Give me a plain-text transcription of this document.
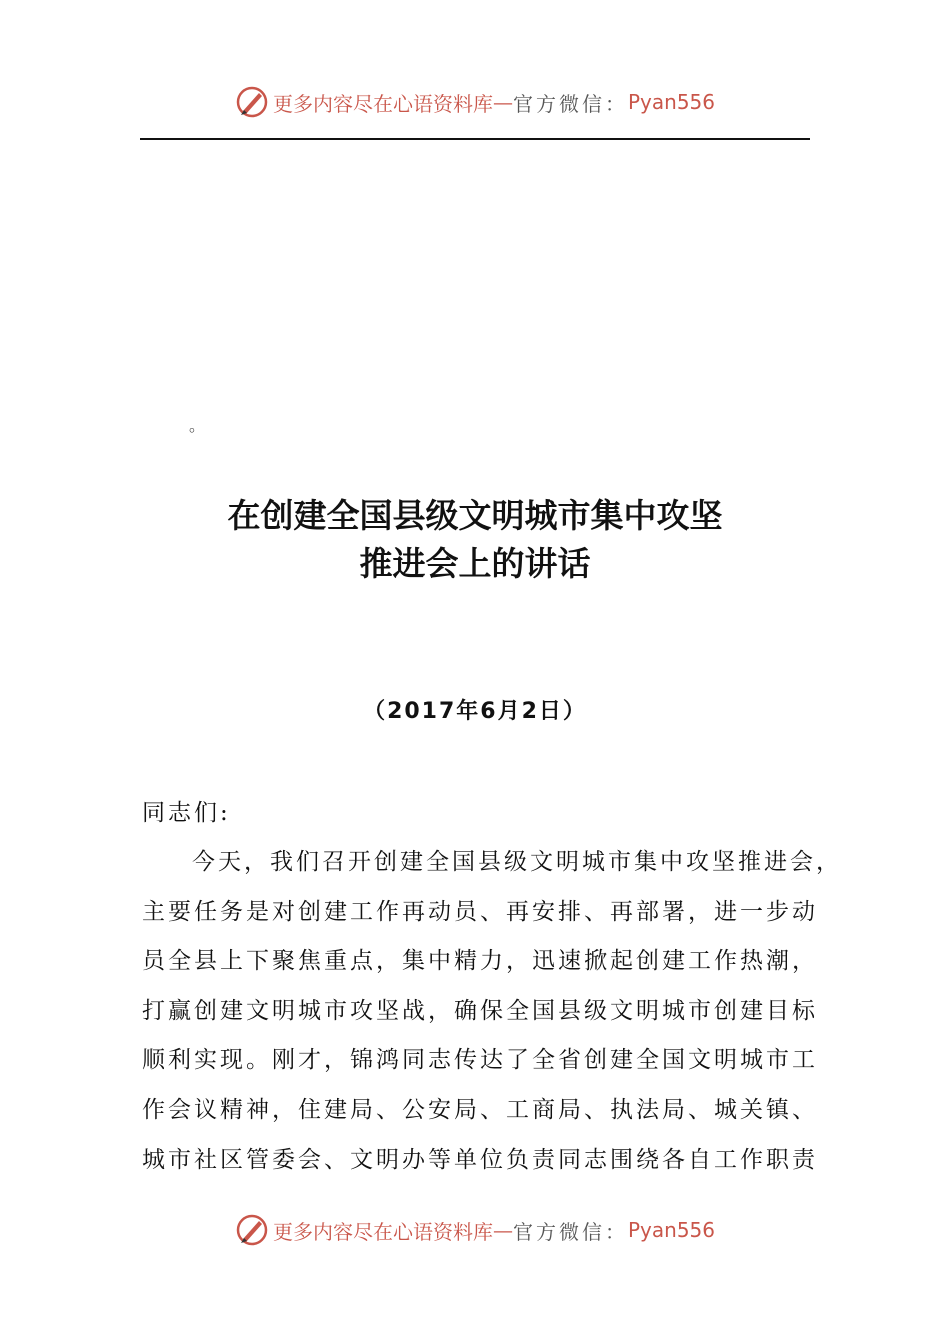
更多内容尽在心语资料库 — 官方微信： Pyan556
。
在创建全国县级文明城市集中攻坚
推进会上的讲话
（2017年6月2日）
同志们:
今天，我们召开创建全国县级文明城市集中攻坚推进会，
主要任务是对创建工作再动员、再安排、再部署，进一步动
员全县上下聚焦重点，集中精力，迅速掀起创建工作热潮，
打赢创建文明城市攻坚战，确保全国县级文明城市创建目标
顺利实现。刚才，锦鸿同志传达了全省创建全国文明城市工
作会议精神，住建局、公安局、工商局、执法局、城关镇、
城市社区管委会、文明办等单位负责同志围绕各自工作职责
更多内容尽在心语资料库 — 官方微信： Pyan556
